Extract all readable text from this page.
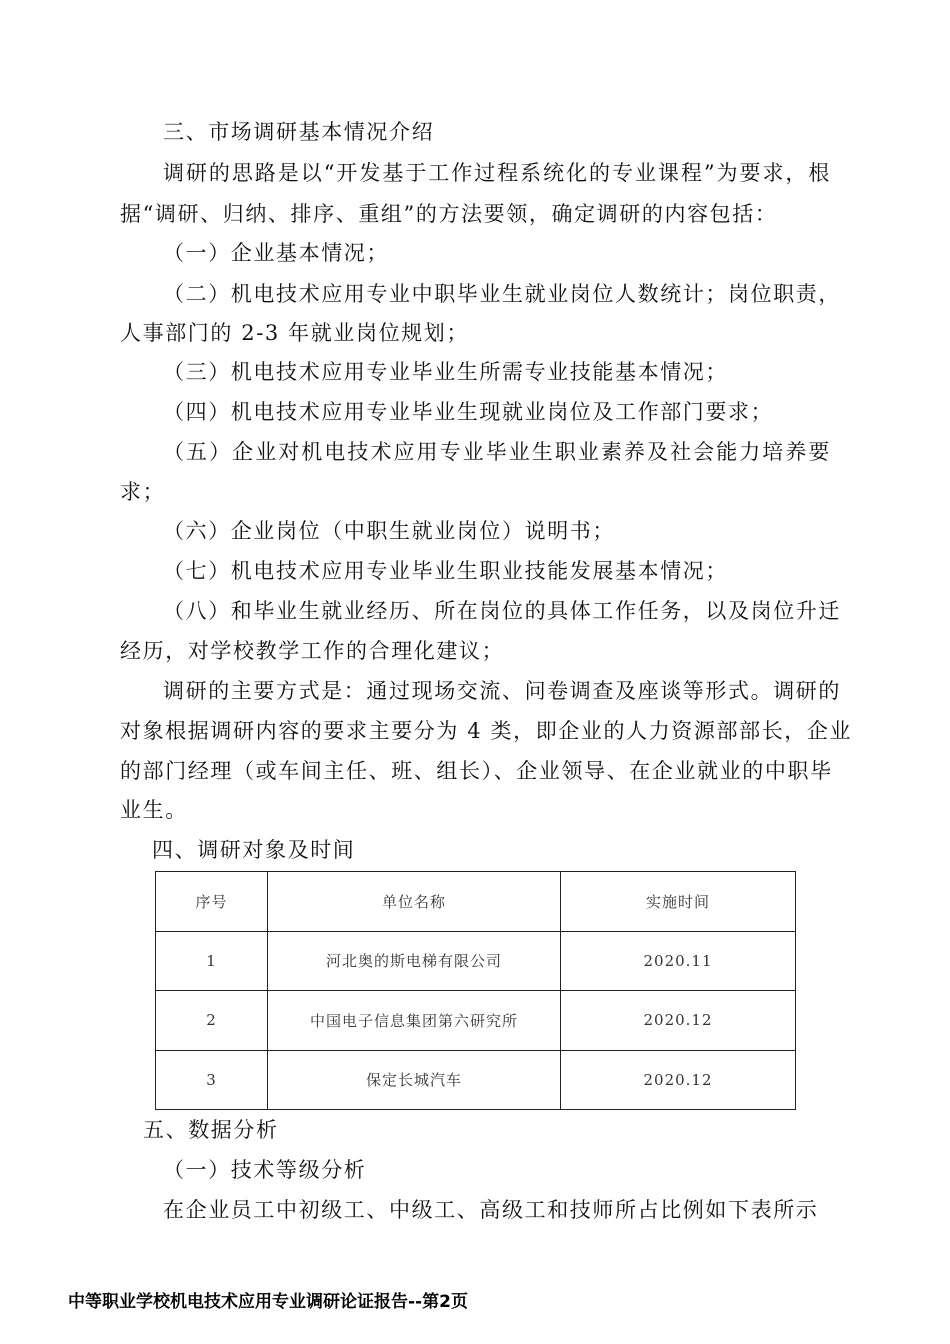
三、市场调研基本情况介绍
调研的思路是以“开发基于工作过程系统化的专业课程”为要求，根
据“调研、归纳、排序、重组”的方法要领，确定调研的内容包括：
（一）企业基本情况；
（二）机电技术应用专业中职毕业生就业岗位人数统计；岗位职责，
人事部门的 2-3 年就业岗位规划；
（三）机电技术应用专业毕业生所需专业技能基本情况；
（四）机电技术应用专业毕业生现就业岗位及工作部门要求；
（五）企业对机电技术应用专业毕业生职业素养及社会能力培养要
求；
（六）企业岗位（中职生就业岗位）说明书；
（七）机电技术应用专业毕业生职业技能发展基本情况；
（八）和毕业生就业经历、所在岗位的具体工作任务，以及岗位升迁
经历，对学校教学工作的合理化建议；
调研的主要方式是：通过现场交流、问卷调查及座谈等形式。调研的
对象根据调研内容的要求主要分为 4 类，即企业的人力资源部部长，企业
的部门经理（或车间主任、班、组长）、企业领导、在企业就业的中职毕
业生。
四、调研对象及时间
序号	单位名称	实施时间
1	河北奥的斯电梯有限公司	2020.11
2	中国电子信息集团第六研究所	2020.12
3	保定长城汽车	2020.12
五、数据分析
（一）技术等级分析
在企业员工中初级工、中级工、高级工和技师所占比例如下表所示
中等职业学校机电技术应用专业调研论证报告--第2页
